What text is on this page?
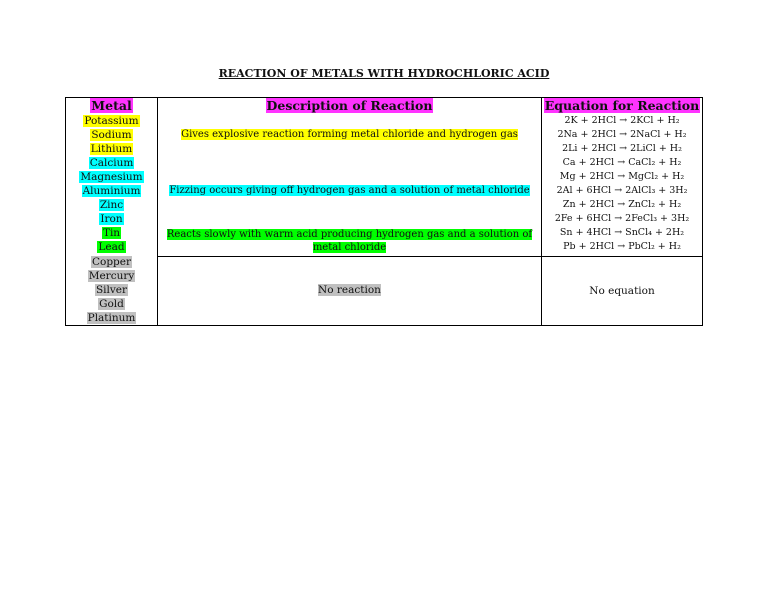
REACTION OF METALS WITH HYDROCHLORIC ACID
Metal	Description of Reaction	Equation for Reaction
Potassium
Sodium
Lithium
Calcium
Magnesium
Aluminium
Zinc
Iron
Tin
Lead
Copper
Mercury
Silver
Gold
Platinum
Gives explosive reaction forming metal chloride and hydrogen gas
Fizzing occurs giving off hydrogen gas and a solution of metal chloride
Reacts slowly with warm acid producing hydrogen gas and a solution of
metal chloride
No reaction
2K + 2HCl → 2KCl + H₂
2Na + 2HCl → 2NaCl + H₂
2Li + 2HCl → 2LiCl + H₂
Ca + 2HCl → CaCl₂ + H₂
Mg + 2HCl → MgCl₂ + H₂
2Al + 6HCl → 2AlCl₃ + 3H₂
Zn + 2HCl → ZnCl₂ + H₂
2Fe + 6HCl → 2FeCl₃ + 3H₂
Sn + 4HCl → SnCl₄ + 2H₂
Pb + 2HCl → PbCl₂ + H₂
No equation
